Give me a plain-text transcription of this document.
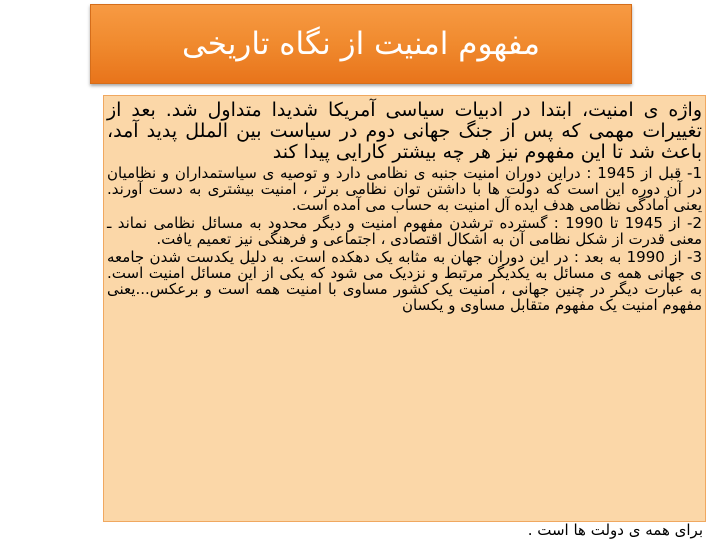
مفهوم امنیت از نگاه تاریخی

واژه ی امنیت، ابتدا در ادبیات سیاسی آمریکا شدیدا متداول شد. بعد از تغییرات مهمی که پس از جنگ جهانی دوم در سیاست بین الملل پدید آمد، باعث شد تا این مفهوم نیز هر چه بیشتر کارایی پیدا کند

1- قبل از 1945 : دراین دوران امنیت جنبه ی نظامی دارد و توصیه ی سیاستمداران و نظامیان در آن دوره این است که دولت ها با داشتن توان نظامی برتر ، امنیت بیشتری به دست آورند. یعنی آمادگی نظامی هدف ایده آل امنیت به حساب می آمده است.

2- از 1945 تا 1990 : گسترده ترشدن مفهوم امنیت و دیگر محدود به مسائل نظامی نماند ـ معنی قدرت از شکل نظامی آن به اشکال اقتصادی ، اجتماعی و فرهنگی نیز تعمیم یافت.

3- از 1990 به بعد : در این دوران جهان به مثابه یک دهکده است. به دلیل یکدست شدن جامعه ی جهانی همه ی مسائل به یکدیگر مرتبط و نزدیک می شود که یکی از این مسائل امنیت است. به عبارت دیگر در چنین جهانی ، امنیت یک کشور مساوی با امنیت همه است و برعکس...یعنی مفهوم امنیت یک مفهوم متقابل مساوی و یکسان

برای همه ی دولت ها است .
